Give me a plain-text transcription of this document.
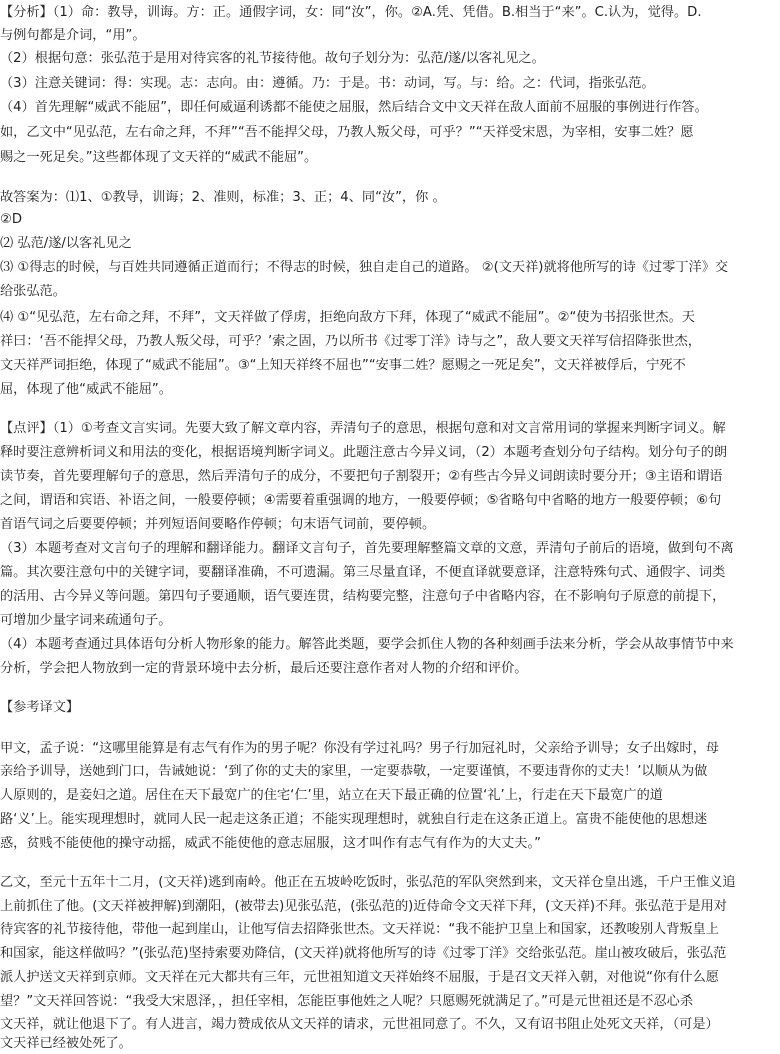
【分析】（1）命：教导，训诲。方：正。通假字词，女：同“汝”，你。②A.凭、凭借。B.相当于“来”。C.认为，觉得。D.
与例句都是介词，“用”。
（2）根据句意：张弘范于是用对待宾客的礼节接待他。故句子划分为：弘范/遂/以客礼见之。
（3）注意关键词：得：实现。志：志向。由：遵循。乃：于是。书：动词，写。与：给。之：代词，指张弘范。
（4）首先理解“威武不能屈”，即任何威逼利诱都不能使之屈服，然后结合文中文天祥在敌人面前不屈服的事例进行作答。
如，乙文中“见弘范，左右命之拜，不拜”“吾不能捍父母，乃教人叛父母，可乎？”“天祥受宋恩，为宰相，安事二姓？愿
赐之一死足矣。”这些都体现了文天祥的“威武不能屈”。
故答案为：⑴1、①教导，训诲；2、准则，标准；3、正；4、同“汝”，你 。
②D
⑵ 弘范/遂/以客礼见之
⑶ ①得志的时候，与百姓共同遵循正道而行；不得志的时候，独自走自己的道路。 ②(文天祥)就将他所写的诗《过零丁洋》交
给张弘范。
⑷ ①“见弘范，左右命之拜，不拜”，文天祥做了俘虏，拒绝向敌方下拜，体现了“威武不能屈”。②“使为书招张世杰。天
祥曰：‘吾不能捍父母，乃教人叛父母，可乎？’索之固，乃以所书《过零丁洋》诗与之”，敌人要文天祥写信招降张世杰，
文天祥严词拒绝，体现了“威武不能屈”。③“上知天祥终不屈也”“安事二姓？愿赐之一死足矣”，文天祥被俘后，宁死不
屈，体现了他“威武不能屈”。
【点评】（1）①考查文言实词。先要大致了解文章内容，弄清句子的意思，根据句意和对文言常用词的掌握来判断字词义。解
释时要注意辨析词义和用法的变化，根据语境判断字词义。此题注意古今异义词，（2）本题考查划分句子结构。划分句子的朗
读节奏，首先要理解句子的意思，然后弄清句子的成分，不要把句子割裂开；②有些古今异义词朗读时要分开；③主语和谓语
之间，谓语和宾语、补语之间，一般要停顿；④需要着重强调的地方，一般要停顿；⑤省略句中省略的地方一般要停顿；⑥句
首语气词之后要要停顿；并列短语间要略作停顿；句末语气词前，要停顿。
（3）本题考查对文言句子的理解和翻译能力。翻译文言句子，首先要理解整篇文章的文意，弄清句子前后的语境，做到句不离
篇。其次要注意句中的关键字词，要翻译准确，不可遗漏。第三尽量直译，不便直译就要意译，注意特殊句式、通假字、词类
的活用、古今异义等问题。第四句子要通顺，语气要连贯，结构要完整，注意句子中省略内容，在不影响句子原意的前提下，
可增加少量字词来疏通句子。
（4）本题考查通过具体语句分析人物形象的能力。解答此类题，要学会抓住人物的各种刻画手法来分析，学会从故事情节中来
分析，学会把人物放到一定的背景环境中去分析，最后还要注意作者对人物的介绍和评价。
【参考译文】
甲文，孟子说：“这哪里能算是有志气有作为的男子呢？你没有学过礼吗？男子行加冠礼时，父亲给予训导；女子出嫁时，母
亲给予训导，送她到门口，告诫她说：‘到了你的丈夫的家里，一定要恭敬，一定要谨慎，不要违背你的丈夫！’以顺从为做
人原则的，是妾妇之道。居住在天下最宽广的住宅‘仁’里，站立在天下最正确的位置‘礼’上，行走在天下最宽广的道
路‘义’上。能实现理想时，就同人民一起走这条正道；不能实现理想时，就独自行走在这条正道上。富贵不能使他的思想迷
惑，贫贱不能使他的操守动摇，威武不能使他的意志屈服，这才叫作有志气有作为的大丈夫。”
乙文，至元十五年十二月，(文天祥)逃到南岭。他正在五坡岭吃饭时，张弘范的军队突然到来，文天祥仓皇出逃，千户王惟义追
上前抓住了他。(文天祥被押解)到潮阳，(被带去)见张弘范，(张弘范的)近侍命令文天祥下拜，(文天祥)不拜。张弘范于是用对
待宾客的礼节接待他，带他一起到崖山，让他写信去招降张世杰。文天祥说：“我不能护卫皇上和国家，还教唆别人背叛皇上
和国家，能这样做吗？”(张弘范)坚持索要劝降信，(文天祥)就将他所写的诗《过零丁洋》交给张弘范。崖山被攻破后，张弘范
派人护送文天祥到京师。文天祥在元大都共有三年，元世祖知道文天祥始终不屈服，于是召文天祥入朝，对他说“你有什么愿
望？”文天祥回答说：“我受大宋恩泽，，担任宰相，怎能臣事他姓之人呢？只愿赐死就满足了。”可是元世祖还是不忍心杀
文天祥，就让他退下了。有人进言，竭力赞成依从文天祥的请求，元世祖同意了。不久，又有诏书阻止处死文天祥，（可是）
文天祥已经被处死了。
